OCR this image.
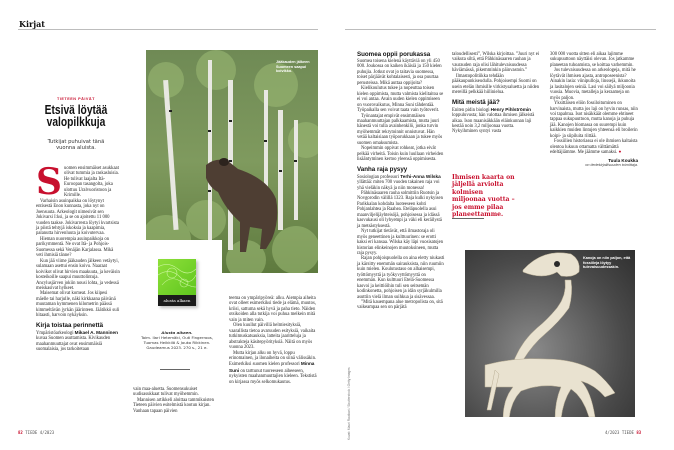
Kirjat
TIETEEN PÄIVÄT
Etsivä löytää
valopilkkuja
Tutkijat puhuivat tänä vuonna aluista.
Jääkauden jälkeen Suomeen saapui koivikko.
alusta alkaen
Alusta alkaen.
Toim. Ilari Hetemäki, Outi Fingerroos, Tuomas Heikkilä & Jouko Rikkinen.
Gaudeamus 2023. 270 s., 21 e.
S uomen ensimmäiset asukkaat olivat tummia ja raskasluisia. He tulivat laajalta Itä-Euroopan tasangolta, joka ulottuu Uralvuoristoon ja Krimille.

Varhaisin asuinpaikka on löytynyt entisestä Enon kunnasta, joka nyt on Joensuuta. Arkeologit nimesivät sen Jokivarsi I:ksi, ja se on ajoitettu 11 000 vuoden taakse. Jokivarresta löytyi kvartsista ja piistä tehtyjä iskoksia ja kaapimia, palanutta hirvenluuta ja koivutervaa.

Hieman nuorempia asuinpaikkoja on parikymmentä. Ne ovat Itä- ja Pohjois-Suomessa sekä Venäjän Karjalassa. Mikä veti ihmisiä tänne?

Kun jää viime jääkauden jälkeen vetäytyi, sulamaan asettui ensin koivu. Naaraat koivikot olivat hirvien maakuuta, ja keväisin kosteikoille saapui muuttolintuja. Ancylusjärven jokiin nousi lohta, ja vedessä meiskasivat hylkeet.

Maisemat olivat komeat. Jos kiipesi mäelle tai harjulle, näki kirkkaana päivänä muutaman kymmenen kilometrin päässä kimmeltävän jyrkän jäärinteen. Jäätikkö suli hitaasti, harvoin nykäyksin.

Kirja toistaa perinnettä

Ympäristöarkeologi Mikael A. Manninen kuvaa Suomen asuttamista. Kivikauden maahanmuuttajat ovat ensimmäisiä suomalaisia, jos tarkoitetaan

vain maa-aluetta. Suomensukuiset uudisasukkaat tulivat myöhemmin.

Mannisen artikkeli aloittaa tammikuisten Tieteen päivien esitelmistä kootun kirjan. Vanhaan tapaan päivien

teema on ympäripyöreä: alku. Aiempia aiheita ovat olleet esimerkiksi tiede ja elämä, muutos, kriisi, sattuma sekä hyvä ja paha tieto. Näiden otsikoiden alla tutkija voi puhua melkein mitä vain ja miten vain.

Olen kuullut päivillä helmiesityksiä, vaarallista tietoa avaruuden esityksiä, vaikaita tutkimuskatsauksia, latteita jaaritteluja ja abstrakteja käsitepyörityksiä. Näitä on myös vuonna 2023.

Mutta kirjan alku on hyvä, loppu erinomainen, ja ilonaiheita on siinä välissäkin. Esimerkiksi suomen kielen professori Minna Suni on tarttunut tuoreeseen aiheeseen, nykyisten maahanmuuttajien kieleen. Tekstistä on kirjassa myös selkomukautus.

82 TIEDE 4/2023
Suomea oppii porukassa

Suomea toisena kielenä käyttäviä on yli 450 000. Joukossa on kaiken ikäisiä ja 150 kielen puhujia. Jotkut ovat jo taitavia suomessa, toiset pärjäävät kohtalaisesti, ja osa puurtaa perusteissa. Mikä auttaa oppijoita?

Kielikoulutus tukee ja nopeuttaa toisen kielen oppimista, mutta valmista kielitaitoa se ei voi antaa. Avain uuden kielen oppimiseen on vuorovaikutus, Minna Suni tähdentää. Työpaikalla sen voivat taata vain työtoverit.

Työnantajat empivät ensimmäisen maahanmuuttajan palkkaamista, mutta juuri hänestä voi tulla avainhenkilö, jonka turvin myöhemmät rekrytoinnit onnistuvat. Hän vetää kaltaisiaan työporukkaan ja tukee myös suomen omaksumista.

Nopeimmin oppivat rohkeat, jotka eivät pelkää virheitä. Toisin kuin luullaan virheiden lisääntyminen kertoo yleensä oppimisesta.

Vanha raja pysyy

Sosiologian professori Terhi-Anna Wilska yllättää: miten 700 vuoden takainen raja voi yhä vieläkin näkyä ja niin monessa!

Pähkinäsaaren rauha solmittiin Ruotsin ja Novgorodin välillä 1323. Raja kulki nykyisen Parikkalan kohdalta luoteeseen kohti Pohjanlahtea ja Raahea. Eteläpuolella asui maanviljelijäyhteisöjä, pohjoisessa ja idässä kasvukausi oli lyhyempi ja väki eli keräilystä ja metsästyksestä.

Nyt tutkijat tietävät, että ilmastoraja oli myös geneettinen ja kulttuurinen: se erotti kaksi eri kansaa. Wilska käy läpi vuosisatojen historian elinkeinojen muutoksineen, mutta raja pysyy.

Rajan pohjoispuolella on aina eletty niukasti ja kärsitty enemmän sairauksista, niin ruumiin kuin mielen. Koulutustaso on alhaisempi, työttömyyttä ja työkyvyttömyyttä on enemmän. Kun kulttuuri Etelä-Suomessa kasvoi ja keittiöihin tuli sen seitsemän kodinkonetta, pohjoisen ja idän syrjäkulmilla asuttiin vielä ilman suihkua ja sisävessaa.

”Mitä kauempana alue metropolista on, sitä vaikeampaa sen on pärjätä

Kuvat: Mauri Rautkari / Shutterstock / Getty Images

taloudellisesti”, Wilska kirjoittaa. ”Juuri nyt ei vaikuta siltä, että Pähkinäsaaren rauhan ja vaurauden raja olisi lähitulevaisuudessa häviämässä, pikemminkin päinvastoin.”

Ilmastopolitiikka tehdään pääkaupunkiseudulla. Pohjoisempi Suomi on usein etelän ihmisille virkistysaluetta ja niiden mereillä pelkkää hiilinielua.

Mitä meistä jää?

Eniten pidin biologi Henry Pihlströmin loppuluvusta; hän valottaa ihmisen jälkeistä aikaa. Ison maanisäkkään eläinkunnan laji kestää noin 3,2 miljoonaa vuotta. Nykyihminen syntyi vasta

Ihmisen kaarta on jäljellä arviolta kolmisen miljoonaa vuotta – jos emme pilaa planeettamme.

300 000 vuotta sitten eli aikaa lajimme sukupuuttoon näyttäisi olevan. Jos jatkamme planeetan tuhoamista, se koittaa varhemmin.

Jos tulevaisuudessa on arkeologeja, mitä he löytävät ihmisen ajasta, antroposeenista? Ainakin lasia: viinipulloja, linssejä, ikkunoita ja lasitalojen seiniä. Lasi voi säilyä miljoonia vuosia. Muovia, metalleja ja keraameja on myös paljon.

Yksittäisen eliön fossiloituminen on harvinaista, mutta jos laji on hyvin runsas, niin voi tapahtua. Isot nisäkkäät olemme ehtineet tappaa sukupuuttoon, mutta kanoja ja puhuja jää. Kanojen biomassa on suurempi kuin kaikkien muiden lintujen yhteensä eli broilerin koipi- ja siipiluita riittää.

Fossiilien historiassa ei ole ihmisen kaltaista olentoa lukuun ottamatta välttämättä edeltäjiämme. Me jäämme samaksi. ●

Tuula Koukka
on tiedekirjallisuuden toimittaja.
Kanoja on niin paljon, että fossiileja löytyy tulevaisuudessakin.
4/2023 TIEDE 83
